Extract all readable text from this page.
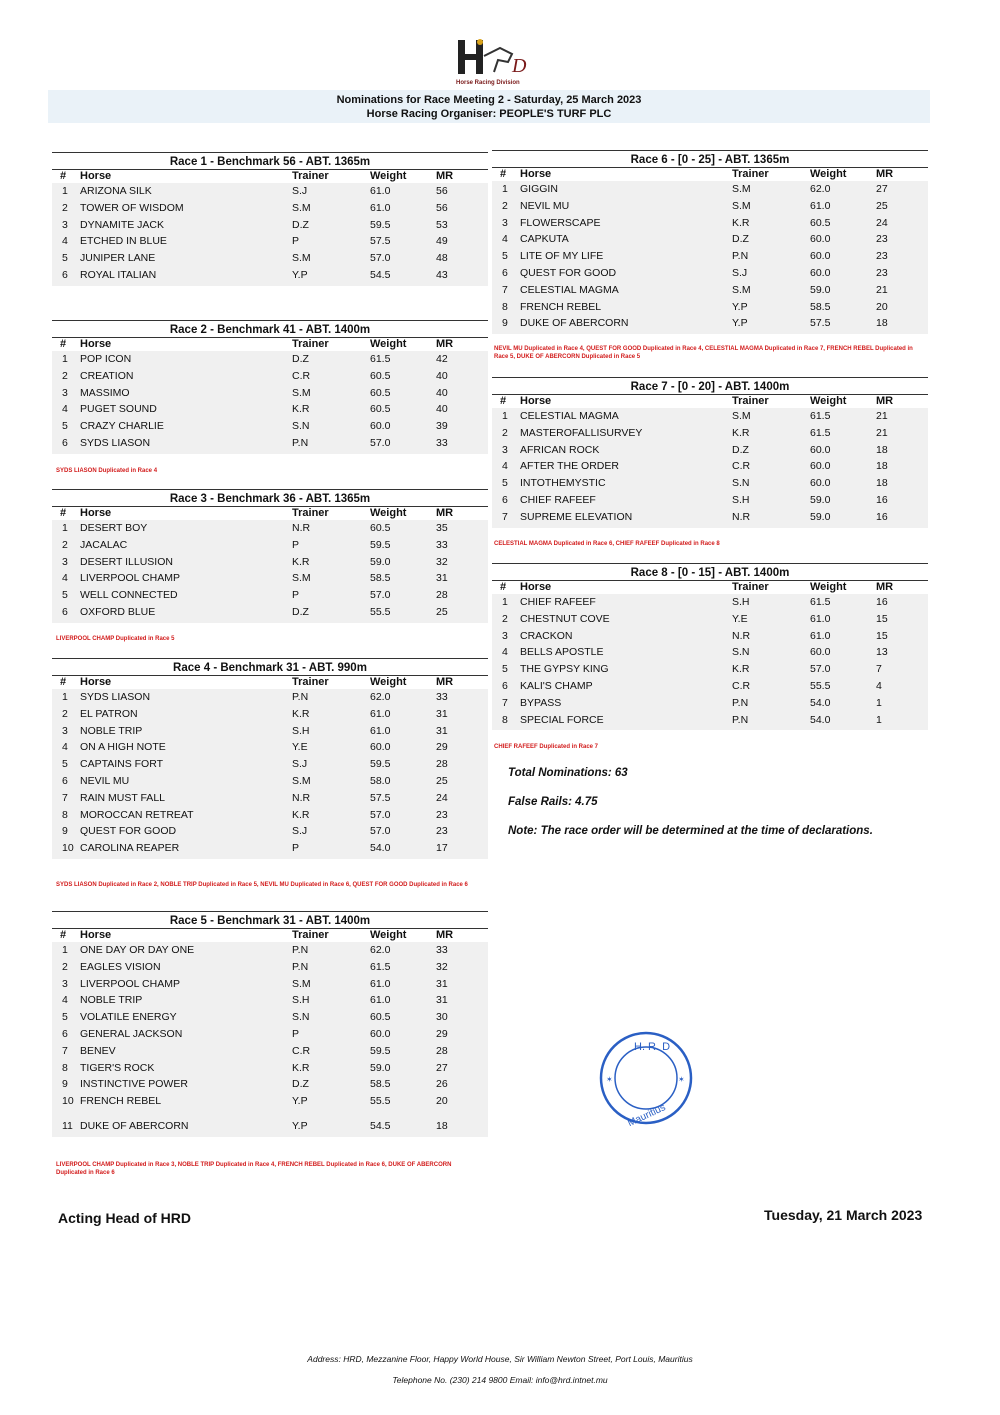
D
Horse Racing Division
Nominations for Race Meeting 2 - Saturday, 25 March 2023
Horse Racing Organiser: PEOPLE'S TURF PLC
Race 1 - Benchmark 56 - ABT. 1365m
#	Horse	Trainer	Weight	MR
1	ARIZONA SILK	S.J	61.0	56
2	TOWER OF WISDOM	S.M	61.0	56
3	DYNAMITE JACK	D.Z	59.5	53
4	ETCHED IN BLUE	P	57.5	49
5	JUNIPER LANE	S.M	57.0	48
6	ROYAL ITALIAN	Y.P	54.5	43
Race 2 - Benchmark 41 - ABT. 1400m
#	Horse	Trainer	Weight	MR
1	POP ICON	D.Z	61.5	42
2	CREATION	C.R	60.5	40
3	MASSIMO	S.M	60.5	40
4	PUGET SOUND	K.R	60.5	40
5	CRAZY CHARLIE	S.N	60.0	39
6	SYDS LIASON	P.N	57.0	33
Race 3 - Benchmark 36 - ABT. 1365m
#	Horse	Trainer	Weight	MR
1	DESERT BOY	N.R	60.5	35
2	JACALAC	P	59.5	33
3	DESERT ILLUSION	K.R	59.0	32
4	LIVERPOOL CHAMP	S.M	58.5	31
5	WELL CONNECTED	P	57.0	28
6	OXFORD BLUE	D.Z	55.5	25
Race 4 - Benchmark 31 - ABT. 990m
#	Horse	Trainer	Weight	MR
1	SYDS LIASON	P.N	62.0	33
2	EL PATRON	K.R	61.0	31
3	NOBLE TRIP	S.H	61.0	31
4	ON A HIGH NOTE	Y.E	60.0	29
5	CAPTAINS FORT	S.J	59.5	28
6	NEVIL MU	S.M	58.0	25
7	RAIN MUST FALL	N.R	57.5	24
8	MOROCCAN RETREAT	K.R	57.0	23
9	QUEST FOR GOOD	S.J	57.0	23
10 CAROLINA REAPER	P	54.0	17
Race 5 - Benchmark 31 - ABT. 1400m
#	Horse	Trainer	Weight	MR
1	ONE DAY OR DAY ONE	P.N	62.0	33
2	EAGLES VISION	P.N	61.5	32
3	LIVERPOOL CHAMP	S.M	61.0	31
4	NOBLE TRIP	S.H	61.0	31
5	VOLATILE ENERGY	S.N	60.5	30
6	GENERAL JACKSON	P	60.0	29
7	BENEV	C.R	59.5	28
8	TIGER'S ROCK	K.R	59.0	27
9	INSTINCTIVE POWER	D.Z	58.5	26
10 FRENCH REBEL	Y.P	55.5	20
11 DUKE OF ABERCORN	Y.P	54.5	18
Race 6 - [0 - 25] - ABT. 1365m
#	Horse	Trainer	Weight	MR
1	GIGGIN	S.M	62.0	27
2	NEVIL MU	S.M	61.0	25
3	FLOWERSCAPE	K.R	60.5	24
4	CAPKUTA	D.Z	60.0	23
5	LITE OF MY LIFE	P.N	60.0	23
6	QUEST FOR GOOD	S.J	60.0	23
7	CELESTIAL MAGMA	S.M	59.0	21
8	FRENCH REBEL	Y.P	58.5	20
9	DUKE OF ABERCORN	Y.P	57.5	18
Race 7 - [0 - 20] - ABT. 1400m
#	Horse	Trainer	Weight	MR
1	CELESTIAL MAGMA	S.M	61.5	21
2	MASTEROFALLISURVEY	K.R	61.5	21
3	AFRICAN ROCK	D.Z	60.0	18
4	AFTER THE ORDER	C.R	60.0	18
5	INTOTHEMYSTIC	S.N	60.0	18
6	CHIEF RAFEEF	S.H	59.0	16
7	SUPREME ELEVATION	N.R	59.0	16
Race 8 - [0 - 15] - ABT. 1400m
#	Horse	Trainer	Weight	MR
1	CHIEF RAFEEF	S.H	61.5	16
2	CHESTNUT COVE	Y.E	61.0	15
3	CRACKON	N.R	61.0	15
4	BELLS APOSTLE	S.N	60.0	13
5	THE GYPSY KING	K.R	57.0	7
6	KALI'S CHAMP	C.R	55.5	4
7	BYPASS	P.N	54.0	1
8	SPECIAL FORCE	P.N	54.0	1
SYDS LIASON Duplicated in Race 4
LIVERPOOL CHAMP Duplicated in Race 5
SYDS LIASON Duplicated in Race 2, NOBLE TRIP Duplicated in Race 5, NEVIL MU Duplicated in Race 6, QUEST FOR GOOD Duplicated in Race 6
LIVERPOOL CHAMP Duplicated in Race 3, NOBLE TRIP Duplicated in Race 4, FRENCH REBEL Duplicated in Race 6, DUKE OF ABERCORN Duplicated in Race 6
NEVIL MU Duplicated in Race 4, QUEST FOR GOOD Duplicated in Race 4, CELESTIAL MAGMA Duplicated in Race 7, FRENCH REBEL Duplicated in Race 5, DUKE OF ABERCORN Duplicated in Race 5
CELESTIAL MAGMA Duplicated in Race 6, CHIEF RAFEEF Duplicated in Race 8
CHIEF RAFEEF Duplicated in Race 7
Total Nominations: 63
False Rails: 4.75
Note: The race order will be determined at the time of declarations.
H. R. D
Mauritius
✶	✶
Acting Head of HRD	Tuesday, 21 March 2023
Address: HRD, Mezzanine Floor, Happy World House, Sir William Newton Street, Port Louis, Mauritius
Telephone No. (230) 214 9800 Email: info@hrd.intnet.mu
